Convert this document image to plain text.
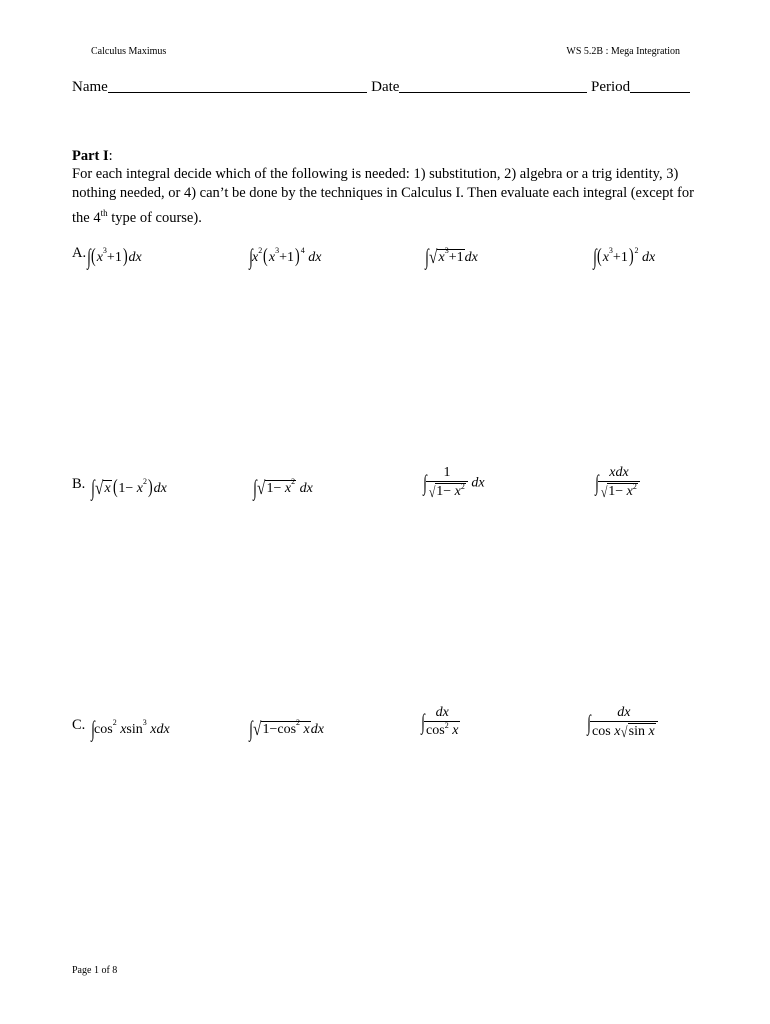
Calculus Maximus	WS 5.2B : Mega Integration
Name	Date	Period
Part I:
For each integral decide which of the following is needed: 1) substitution, 2) algebra or a trig identity, 3) nothing needed, or 4) can’t be done by the techniques in Calculus I. Then evaluate each integral (except for the 4th type of course).
A. $\int(x^3+1)dx$	$\int x^2(x^3+1)^4$ dx	$\int√x^3+1dx$	$\int(x^3+1)^2$ dx
B. ∫√x $(1- x^2)dx$	$\int√1- x^2$ dx	∫ $\frac{1}{√1- x^2}$ dx	∫ $\frac{\text{xdx}}{√1- x^2}$
C. $\int\cos^2$ xsin$^3$ xdx	$\int√1-\cos^2$ xdx	∫ $\frac{dx}{\cos^2 x}$	∫ $\frac{dx}{\text{cos x√sin x}}$
Page 1 of 8
